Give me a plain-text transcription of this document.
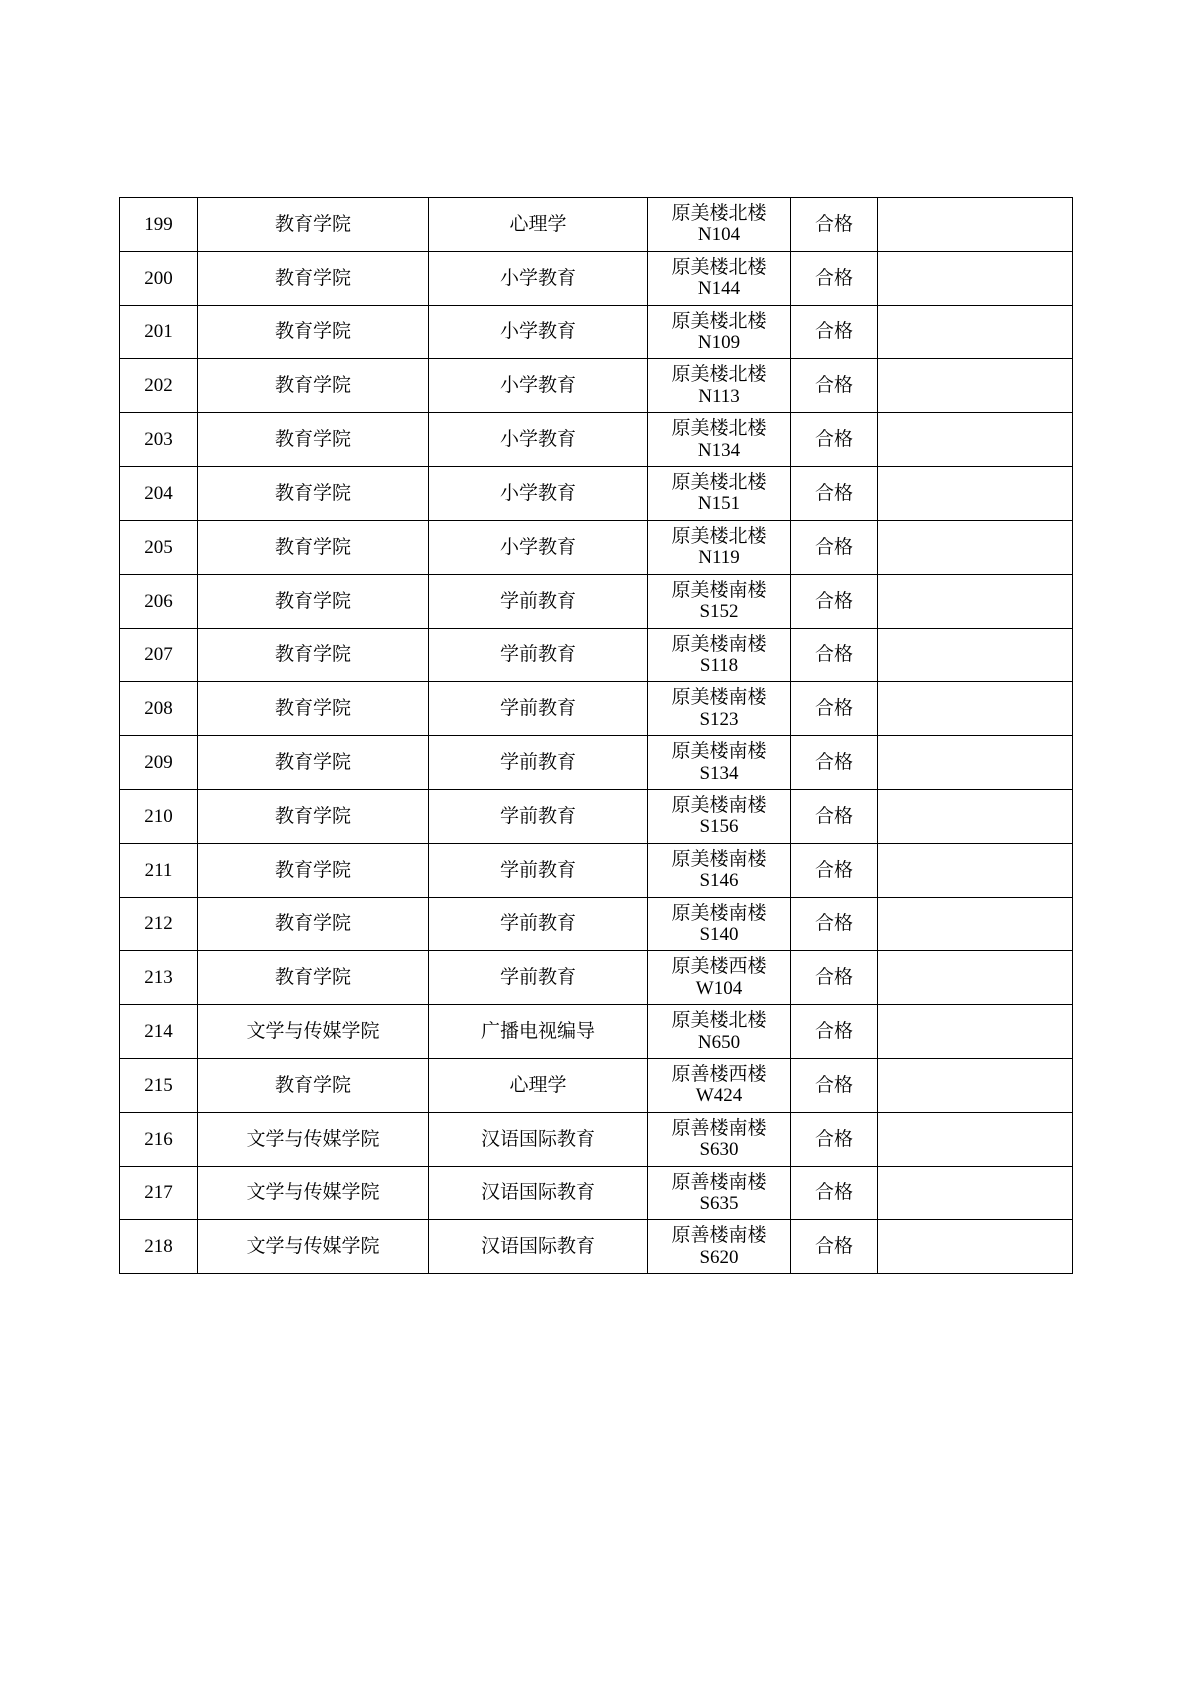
199	教育学院	心理学	原美楼北楼
N104	合格	
200	教育学院	小学教育	原美楼北楼
N144	合格	
201	教育学院	小学教育	原美楼北楼
N109	合格	
202	教育学院	小学教育	原美楼北楼
N113	合格	
203	教育学院	小学教育	原美楼北楼
N134	合格	
204	教育学院	小学教育	原美楼北楼
N151	合格	
205	教育学院	小学教育	原美楼北楼
N119	合格	
206	教育学院	学前教育	原美楼南楼
S152	合格	
207	教育学院	学前教育	原美楼南楼
S118	合格	
208	教育学院	学前教育	原美楼南楼
S123	合格	
209	教育学院	学前教育	原美楼南楼
S134	合格	
210	教育学院	学前教育	原美楼南楼
S156	合格	
211	教育学院	学前教育	原美楼南楼
S146	合格	
212	教育学院	学前教育	原美楼南楼
S140	合格	
213	教育学院	学前教育	原美楼西楼
W104	合格	
214	文学与传媒学院	广播电视编导	原美楼北楼
N650	合格	
215	教育学院	心理学	原善楼西楼
W424	合格	
216	文学与传媒学院	汉语国际教育	原善楼南楼
S630	合格	
217	文学与传媒学院	汉语国际教育	原善楼南楼
S635	合格	
218	文学与传媒学院	汉语国际教育	原善楼南楼
S620	合格	
